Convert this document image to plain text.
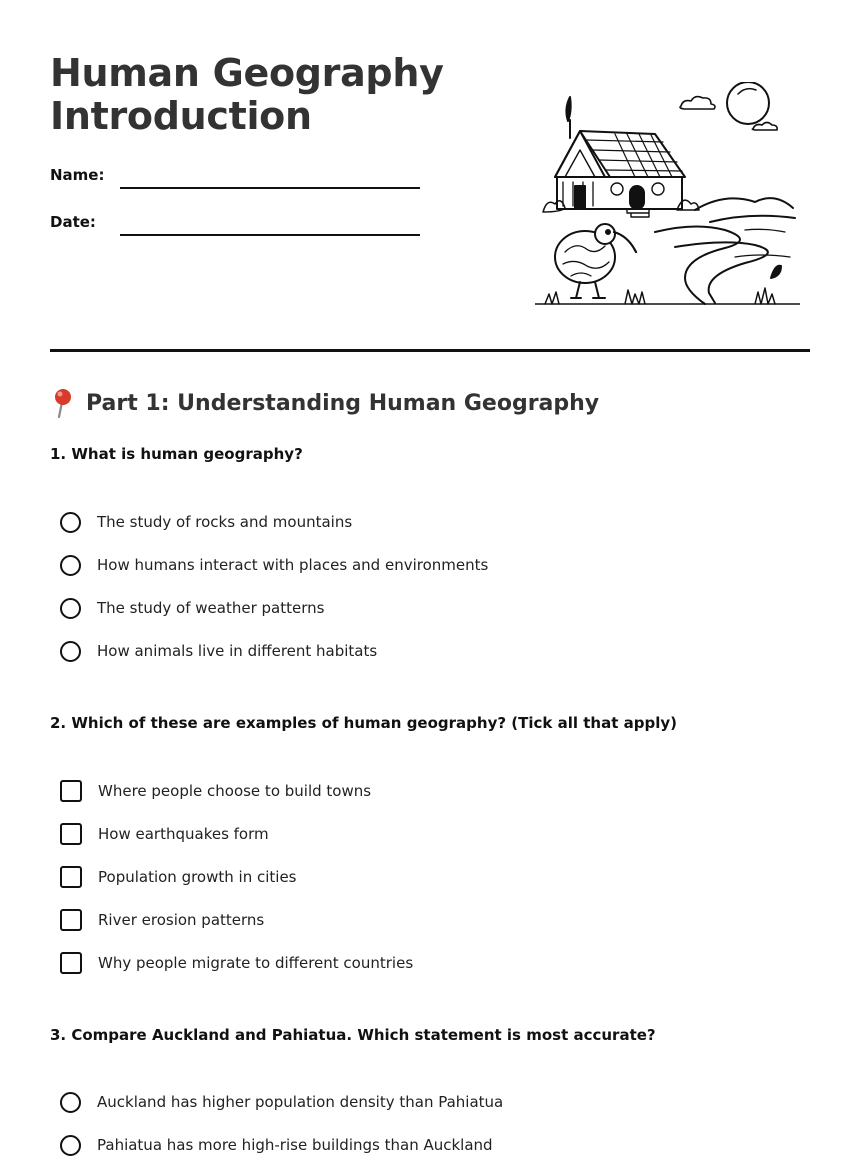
Human Geography
Introduction
Name:
Date:
Part 1: Understanding Human Geography

1. What is human geography?

The study of rocks and mountains
How humans interact with places and environments
The study of weather patterns
How animals live in different habitats

2. Which of these are examples of human geography? (Tick all that apply)

Where people choose to build towns
How earthquakes form
Population growth in cities
River erosion patterns
Why people migrate to different countries

3. Compare Auckland and Pahiatua. Which statement is most accurate?

Auckland has higher population density than Pahiatua
Pahiatua has more high-rise buildings than Auckland
